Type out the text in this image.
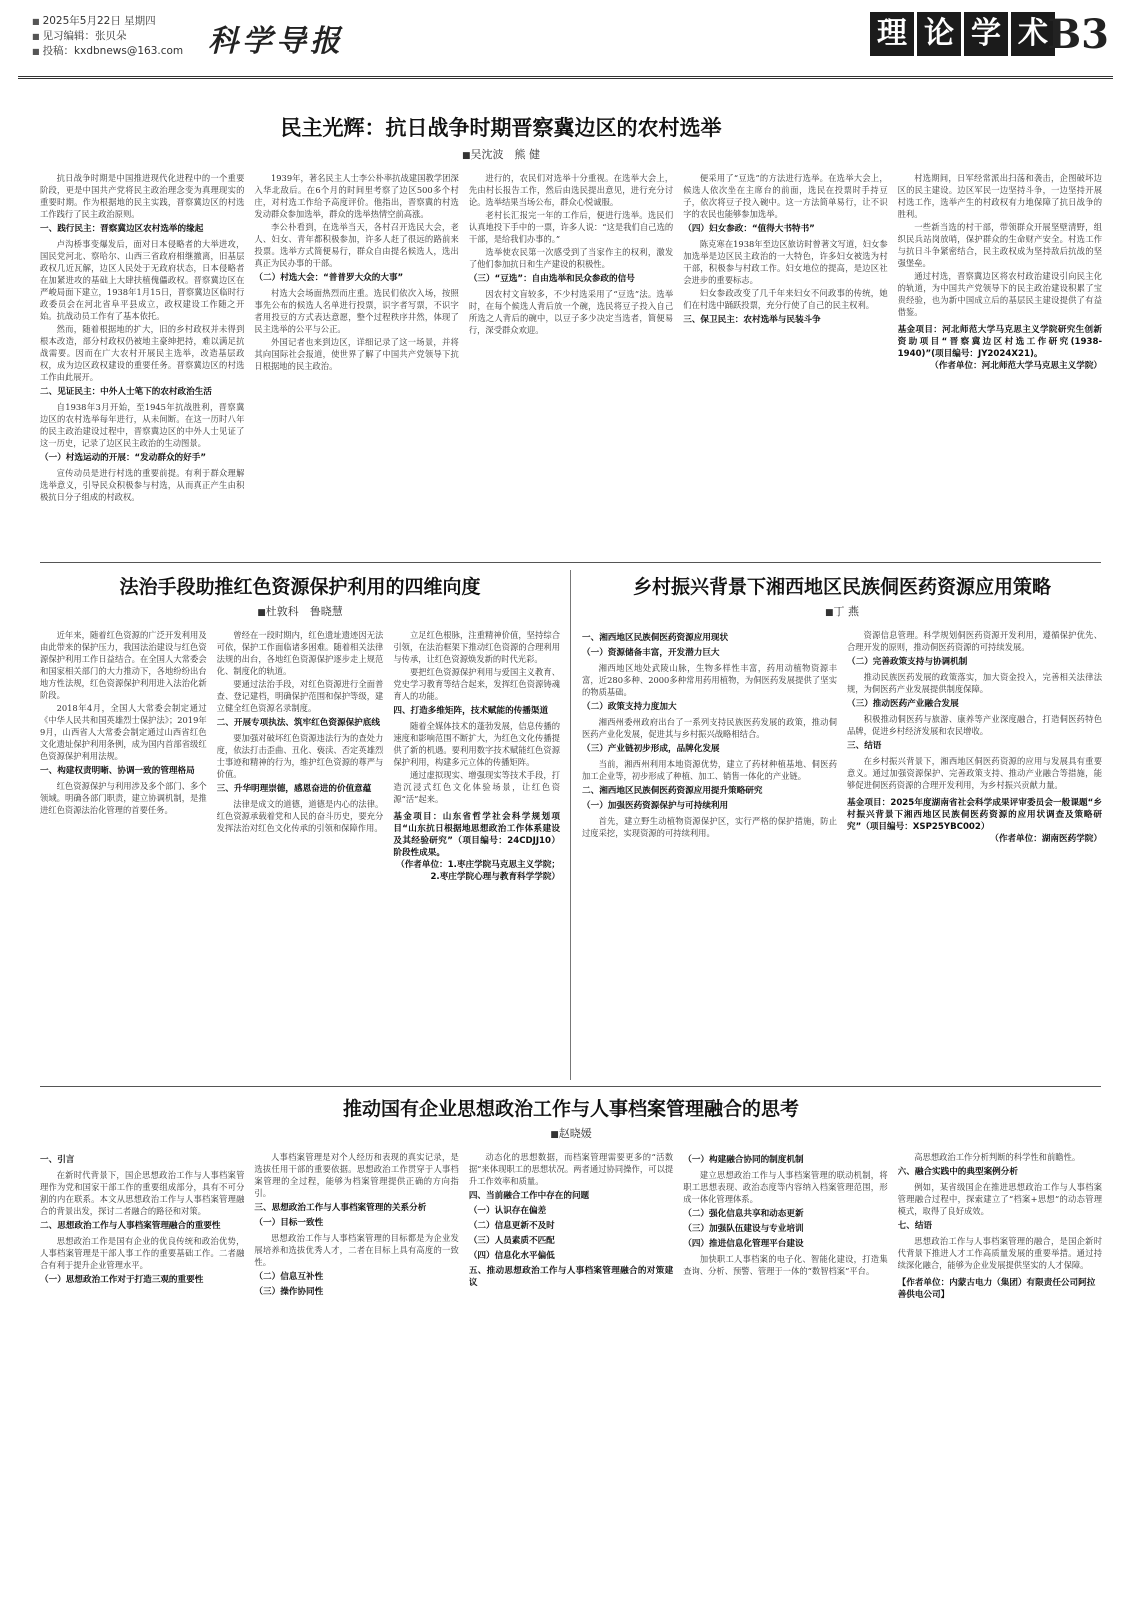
■ 2025年5月22日 星期四
■ 见习编辑：张贝朵
■ 投稿：kxdbnews@163.com 科学导报	理 论 学 术 B3
民主光辉：抗日战争时期晋察冀边区的农村选举
■ 吴沈波　熊 健

抗日战争时期是中国推进现代化进程中的一个重要阶段，更是中国共产党将民主政治理念变为真理现实的重要时期。作为根据地的民主实践，晋察冀边区的村选工作践行了民主政治原则。

一、践行民主：晋察冀边区农村选举的缘起

卢沟桥事变爆发后，面对日本侵略者的大举进攻，国民党河北、察哈尔、山西三省政府相继撤离，旧基层政权几近瓦解，边区人民处于无政府状态，日本侵略者在加紧进攻的基础上大肆扶植傀儡政权。晋察冀边区在严峻局面下建立，1938年1月15日，晋察冀边区临时行政委员会在河北省阜平县成立，政权建设工作随之开始。抗战动员工作有了基本依托。

然而，随着根据地的扩大，旧的乡村政权并未得到根本改造，部分村政权仍被地主豪绅把持，难以满足抗战需要。因而在广大农村开展民主选举，改造基层政权，成为边区政权建设的重要任务。晋察冀边区的村选工作由此展开。

二、见证民主：中外人士笔下的农村政治生活

自1938年3月开始，至1945年抗战胜利，晋察冀边区的农村选举每年进行，从未间断。在这一历时八年的民主政治建设过程中，晋察冀边区的中外人士见证了这一历史，记录了边区民主政治的生动图景。

（一）村选运动的开展：“发动群众的好手”

宣传动员是进行村选的重要前提。有利于群众理解选举意义，引导民众积极参与村选，从而真正产生由积极抗日分子组成的村政权。

1939年，著名民主人士李公朴率抗战建国教学团深入华北敌后。在6个月的时间里考察了边区500多个村庄，对村选工作给予高度评价。他指出，晋察冀的村选发动群众参加选举，群众的选举热情空前高涨。

李公朴看到，在选举当天，各村召开选民大会，老人、妇女、青年都积极参加，许多人赶了很远的路前来投票。选举方式简便易行，群众自由提名候选人，选出真正为民办事的干部。

（二）村选大会：“普普罗大众的大事”

村选大会场面热烈而庄重。选民们依次入场，按照事先公布的候选人名单进行投票，识字者写票，不识字者用投豆的方式表达意愿，整个过程秩序井然，体现了民主选举的公平与公正。

外国记者也来到边区，详细记录了这一场景，并将其向国际社会报道，使世界了解了中国共产党领导下抗日根据地的民主政治。

进行的，农民们对选举十分重视。在选举大会上，先由村长报告工作，然后由选民提出意见，进行充分讨论。选举结果当场公布，群众心悦诚服。

老村长汇报完一年的工作后，便进行选举。选民们认真地投下手中的一票，许多人说：“这是我们自己选的干部，是给我们办事的。”

选举使农民第一次感受到了当家作主的权利，激发了他们参加抗日和生产建设的积极性。

（三）“豆选”：自由选举和民众参政的信号

因农村文盲较多，不少村选采用了“豆选”法。选举时，在每个候选人背后放一个碗，选民将豆子投入自己所选之人背后的碗中，以豆子多少决定当选者，简便易行，深受群众欢迎。

便采用了“豆选”的方法进行选举。在选举大会上，候选人依次坐在主席台的前面，选民在投票时手持豆子，依次将豆子投入碗中。这一方法简单易行，让不识字的农民也能够参加选举。

（四）妇女参政：“值得大书特书”

陈克寒在1938年至边区旅访时曾著文写道，妇女参加选举是边区民主政治的一大特色，许多妇女被选为村干部，积极参与村政工作。妇女地位的提高，是边区社会进步的重要标志。

妇女参政改变了几千年来妇女不问政事的传统，她们在村选中踊跃投票，充分行使了自己的民主权利。

三、保卫民主：农村选举与民装斗争

村选期间，日军经常派出扫荡和袭击，企图破坏边区的民主建设。边区军民一边坚持斗争，一边坚持开展村选工作，选举产生的村政权有力地保障了抗日战争的胜利。

一些新当选的村干部，带领群众开展坚壁清野，组织民兵站岗放哨，保护群众的生命财产安全。村选工作与抗日斗争紧密结合，民主政权成为坚持敌后抗战的坚强堡垒。

通过村选，晋察冀边区将农村政治建设引向民主化的轨道，为中国共产党领导下的民主政治建设积累了宝贵经验，也为新中国成立后的基层民主建设提供了有益借鉴。

基金项目：河北师范大学马克思主义学院研究生创新资助项目“晋察冀边区村选工作研究(1938-1940)”(项目编号：JY2024X21)。
（作者单位：河北师范大学马克思主义学院）
法治手段助推红色资源保护利用的四维向度
■ 杜敦科　鲁晓慧

近年来，随着红色资源的广泛开发利用及由此带来的保护压力，我国法治建设与红色资源保护利用工作日益结合。在全国人大常委会和国家相关部门的大力推动下，各地纷纷出台地方性法规，红色资源保护利用进入法治化新阶段。

2018年4月，全国人大常委会制定通过《中华人民共和国英雄烈士保护法》；2019年9月，山西省人大常委会制定通过山西省红色文化遗址保护利用条例，成为国内首部省级红色资源保护利用法规。

一、构建权责明晰、协调一致的管理格局

红色资源保护与利用涉及多个部门、多个领域。明确各部门职责，建立协调机制，是推进红色资源法治化管理的首要任务。

曾经在一段时期内，红色遗址遗迹因无法可依，保护工作面临诸多困难。随着相关法律法规的出台，各地红色资源保护逐步走上规范化、制度化的轨道。

要通过法治手段，对红色资源进行全面普查、登记建档，明确保护范围和保护等级，建立健全红色资源名录制度。

二、开展专项执法、筑牢红色资源保护底线

要加强对破坏红色资源违法行为的查处力度，依法打击歪曲、丑化、亵渎、否定英雄烈士事迹和精神的行为，维护红色资源的尊严与价值。

三、升华明理崇德，感恩奋进的价值意蕴

法律是成文的道德，道德是内心的法律。红色资源承载着党和人民的奋斗历史，要充分发挥法治对红色文化传承的引领和保障作用。

立足红色根脉，注重精神价值，坚持综合引领，在法治框架下推动红色资源的合理利用与传承，让红色资源焕发新的时代光彩。

要把红色资源保护利用与爱国主义教育、党史学习教育等结合起来，发挥红色资源铸魂育人的功能。

四、打造多维矩阵，技术赋能的传播渠道

随着全媒体技术的蓬勃发展，信息传播的速度和影响范围不断扩大，为红色文化传播提供了新的机遇。要利用数字技术赋能红色资源保护利用，构建多元立体的传播矩阵。

通过虚拟现实、增强现实等技术手段，打造沉浸式红色文化体验场景，让红色资源“活”起来。

基金项目：山东省哲学社会科学规划项目“山东抗日根据地思想政治工作体系建设及其经验研究”（项目编号：24CDJJ10）阶段性成果。
（作者单位：1.枣庄学院马克思主义学院；2.枣庄学院心理与教育科学学院）
乡村振兴背景下湘西地区民族侗医药资源应用策略
■ 丁 燕
一、湘西地区民族侗医药资源应用现状
（一）资源储备丰富，开发潜力巨大

湘西地区地处武陵山脉，生物多样性丰富，药用动植物资源丰富，近280多种、2000多种常用药用植物，为侗医药发展提供了坚实的物质基础。

（二）政策支持力度加大

湘西州委州政府出台了一系列支持民族医药发展的政策，推动侗医药产业化发展，促进其与乡村振兴战略相结合。

（三）产业链初步形成，品牌化发展

当前，湘西州利用本地资源优势，建立了药材种植基地、侗医药加工企业等，初步形成了种植、加工、销售一体化的产业链。

二、湘西地区民族侗医药资源应用提升策略研究
（一）加强医药资源保护与可持续利用

首先，建立野生动植物资源保护区，实行严格的保护措施，防止过度采挖，实现资源的可持续利用。

资源信息管理。科学规划侗医药资源开发利用，遵循保护优先、合理开发的原则，推动侗医药资源的可持续发展。

（二）完善政策支持与协调机制

推动民族医药发展的政策落实，加大资金投入，完善相关法律法规，为侗医药产业发展提供制度保障。

（三）推动医药产业融合发展

积极推动侗医药与旅游、康养等产业深度融合，打造侗医药特色品牌，促进乡村经济发展和农民增收。

三、结语

在乡村振兴背景下，湘西地区侗医药资源的应用与发展具有重要意义。通过加强资源保护、完善政策支持、推动产业融合等措施，能够促进侗医药资源的合理开发利用，为乡村振兴贡献力量。

基金项目：2025年度湖南省社会科学成果评审委员会一般课题“乡村振兴背景下湘西地区民族侗医药资源的应用状调查及策略研究”（项目编号：XSP25YBC002）
（作者单位：湖南医药学院）
推动国有企业思想政治工作与人事档案管理融合的思考
■ 赵晓媛
一、引言

在新时代背景下，国企思想政治工作与人事档案管理作为党和国家干部工作的重要组成部分，具有不可分割的内在联系。本文从思想政治工作与人事档案管理融合的背景出发，探讨二者融合的路径和对策。

二、思想政治工作与人事档案管理融合的重要性

思想政治工作是国有企业的优良传统和政治优势，人事档案管理是干部人事工作的重要基础工作。二者融合有利于提升企业管理水平。

（一）思想政治工作对于打造三观的重要性

人事档案管理是对个人经历和表现的真实记录，是选拔任用干部的重要依据。思想政治工作贯穿于人事档案管理的全过程，能够为档案管理提供正确的方向指引。

三、思想政治工作与人事档案管理的关系分析
（一）目标一致性

思想政治工作与人事档案管理的目标都是为企业发展培养和选拔优秀人才，二者在目标上具有高度的一致性。

（二）信息互补性
（三）操作协同性

动态化的思想数据，而档案管理需要更多的“活数据”来体现职工的思想状况。两者通过协同操作，可以提升工作效率和质量。

四、当前融合工作中存在的问题
（一）认识存在偏差
（二）信息更新不及时
（三）人员素质不匹配
（四）信息化水平偏低
五、推动思想政治工作与人事档案管理融合的对策建议
（一）构建融合协同的制度机制

建立思想政治工作与人事档案管理的联动机制，将职工思想表现、政治态度等内容纳入档案管理范围，形成一体化管理体系。

（二）强化信息共享和动态更新
（三）加强队伍建设与专业培训
（四）推进信息化管理平台建设

加快职工人事档案的电子化、智能化建设，打造集查询、分析、预警、管理于一体的“数智档案”平台。

高思想政治工作分析判断的科学性和前瞻性。

六、融合实践中的典型案例分析

例如，某省级国企在推进思想政治工作与人事档案管理融合过程中，探索建立了“档案+思想”的动态管理模式，取得了良好成效。

七、结语

思想政治工作与人事档案管理的融合，是国企新时代背景下推进人才工作高质量发展的重要举措。通过持续深化融合，能够为企业发展提供坚实的人才保障。

【作者单位：内蒙古电力（集团）有限责任公司阿拉善供电公司】
